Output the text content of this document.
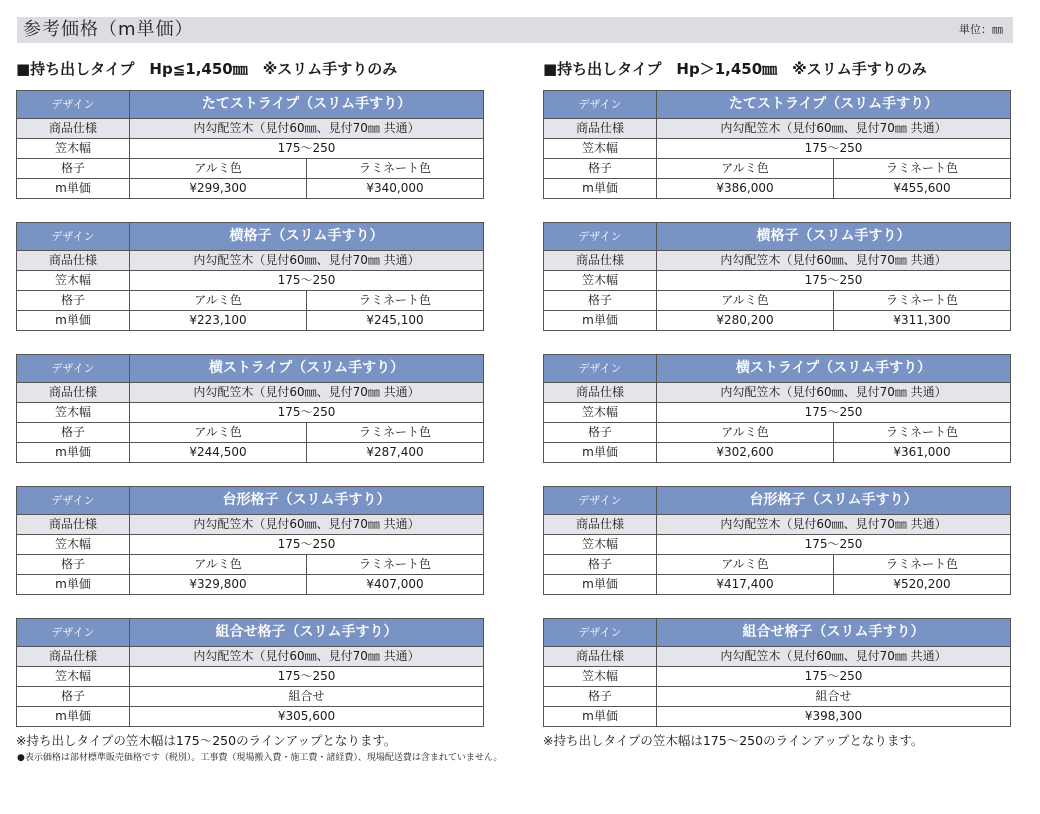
参考価格（m単価）	単位：㎜
■持ち出しタイプ　Hp≦1,450㎜　※スリム手すりのみ
デザイン	たてストライプ（スリム手すり）	
商品仕様	内勾配笠木（見付60㎜、見付70㎜ 共通）	
笠木幅	175～250	
格子	アルミ色	ラミネート色
m単価	¥299,300	¥340,000
デザイン	横格子（スリム手すり）	
商品仕様	内勾配笠木（見付60㎜、見付70㎜ 共通）	
笠木幅	175～250	
格子	アルミ色	ラミネート色
m単価	¥223,100	¥245,100
デザイン	横ストライプ（スリム手すり）	
商品仕様	内勾配笠木（見付60㎜、見付70㎜ 共通）	
笠木幅	175～250	
格子	アルミ色	ラミネート色
m単価	¥244,500	¥287,400
デザイン	台形格子（スリム手すり）	
商品仕様	内勾配笠木（見付60㎜、見付70㎜ 共通）	
笠木幅	175～250	
格子	アルミ色	ラミネート色
m単価	¥329,800	¥407,000
デザイン	組合せ格子（スリム手すり）
商品仕様	内勾配笠木（見付60㎜、見付70㎜ 共通）
笠木幅	175～250
格子	組合せ
m単価	¥305,600
※持ち出しタイプの笠木幅は175～250のラインアップとなります。
■持ち出しタイプ　Hp＞1,450㎜　※スリム手すりのみ
デザイン	たてストライプ（スリム手すり）	
商品仕様	内勾配笠木（見付60㎜、見付70㎜ 共通）	
笠木幅	175～250	
格子	アルミ色	ラミネート色
m単価	¥386,000	¥455,600
デザイン	横格子（スリム手すり）	
商品仕様	内勾配笠木（見付60㎜、見付70㎜ 共通）	
笠木幅	175～250	
格子	アルミ色	ラミネート色
m単価	¥280,200	¥311,300
デザイン	横ストライプ（スリム手すり）	
商品仕様	内勾配笠木（見付60㎜、見付70㎜ 共通）	
笠木幅	175～250	
格子	アルミ色	ラミネート色
m単価	¥302,600	¥361,000
デザイン	台形格子（スリム手すり）	
商品仕様	内勾配笠木（見付60㎜、見付70㎜ 共通）	
笠木幅	175～250	
格子	アルミ色	ラミネート色
m単価	¥417,400	¥520,200
デザイン	組合せ格子（スリム手すり）
商品仕様	内勾配笠木（見付60㎜、見付70㎜ 共通）
笠木幅	175～250
格子	組合せ
m単価	¥398,300
※持ち出しタイプの笠木幅は175～250のラインアップとなります。
●表示価格は部材標準販売価格です（税別）。工事費（現場搬入費・施工費・諸経費）、現場配送費は含まれていません。
